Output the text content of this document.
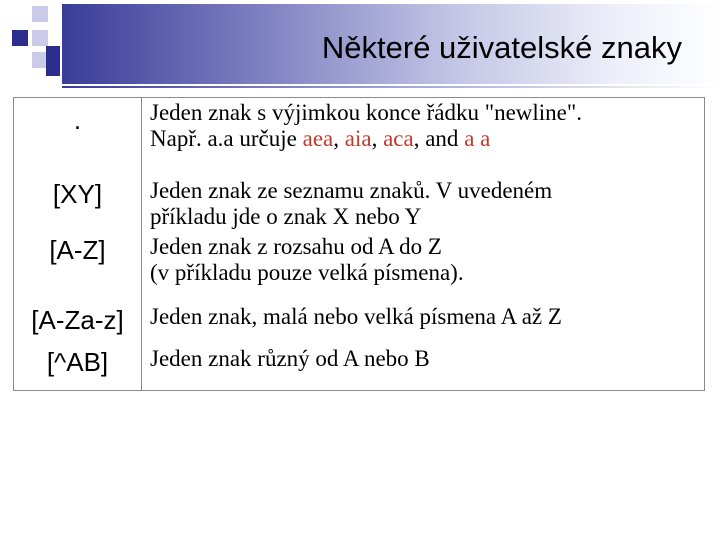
Některé uživatelské znaky
.	Jeden znak s výjimkou konce řádku "newline".
Např. a.a určuje aea, aia, aca, and a a

[XY]	Jeden znak ze seznamu znaků. V uvedeném
příkladu jde o znak X nebo Y

[A-Z]	Jeden znak z rozsahu od A do Z
(v příkladu pouze velká písmena).

[A-Za-z]	Jeden znak, malá nebo velká písmena A až Z

[^AB]	Jeden znak různý od A nebo B
